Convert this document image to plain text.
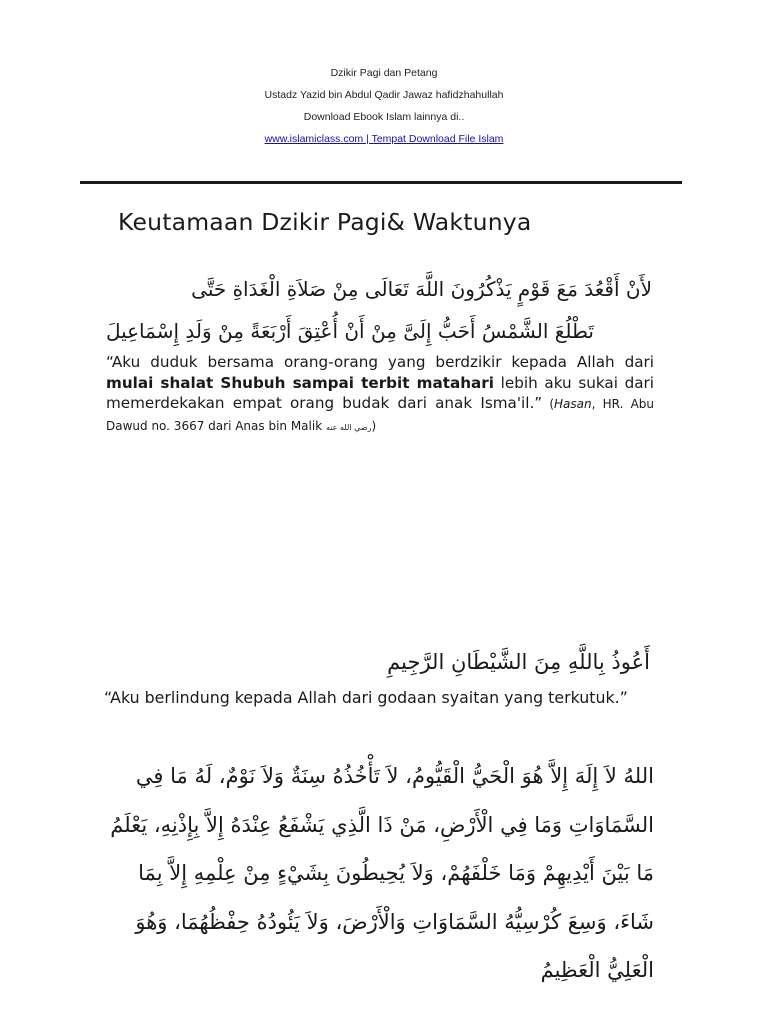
Dzikir Pagi dan Petang
Ustadz Yazid bin Abdul Qadir Jawaz hafidzhahullah
Download Ebook Islam lainnya di..
www.islamiclass.com | Tempat Download File Islam
Keutamaan Dzikir Pagi& Waktunya
لأَنْ أَقْعُدَ مَعَ قَوْمٍ يَذْكُرُونَ اللَّهَ تَعَالَى مِنْ صَلاَةِ الْغَدَاةِ حَتَّى
تَطْلُعَ الشَّمْسُ أَحَبُّ إِلَىَّ مِنْ أَنْ أُعْتِقَ أَرْبَعَةً مِنْ وَلَدِ إِسْمَاعِيلَ
“Aku duduk bersama orang-orang yang berdzikir kepada Allah dari mulai shalat Shubuh sampai terbit matahari lebih aku sukai dari memerdekakan empat orang budak dari anak Isma'il.” (Hasan, HR. Abu Dawud no. 3667 dari Anas bin Malik رضي الله عنه)
أَعُوذُ بِاللَّهِ مِنَ الشَّيْطَانِ الرَّجِيمِ
“Aku berlindung kepada Allah dari godaan syaitan yang terkutuk.”
اللهُ لاَ إِلَهَ إِلاَّ هُوَ الْحَيُّ الْقَيُّومُ، لاَ تَأْخُذُهُ سِنَةٌ وَلاَ نَوْمٌ، لَهُ مَا فِي السَّمَاوَاتِ وَمَا فِي الْأَرْضِ، مَنْ ذَا الَّذِي يَشْفَعُ عِنْدَهُ إِلاَّ بِإِذْنِهِ، يَعْلَمُ مَا بَيْنَ أَيْدِيهِمْ وَمَا خَلْفَهُمْ، وَلاَ يُحِيطُونَ بِشَيْءٍ مِنْ عِلْمِهِ إِلاَّ بِمَا شَاءَ، وَسِعَ كُرْسِيُّهُ السَّمَاوَاتِ وَالْأَرْضَ، وَلاَ يَئُودُهُ حِفْظُهُمَا، وَهُوَ الْعَلِيُّ الْعَظِيمُ
